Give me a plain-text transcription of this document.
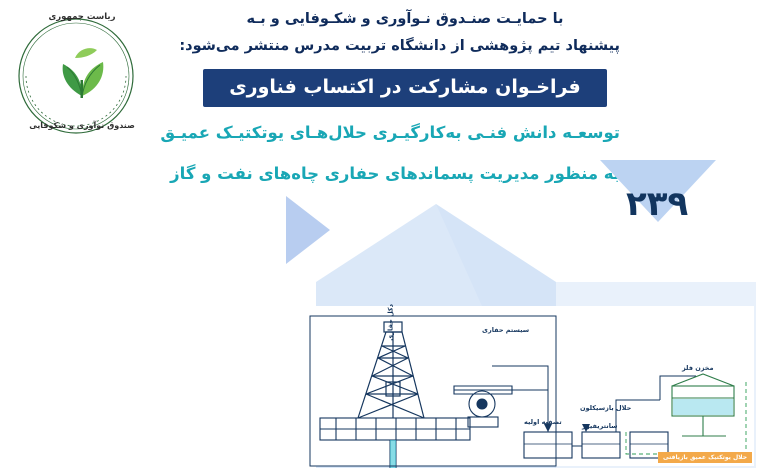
ریاست جمهوری
صندوق نوآوری و شکوفایی
با حمایـت صنـدوق نـوآوری و شکـوفایی و بـه
پیشنهاد تیم پژوهشی از دانشگاه تربیت مدرس منتشر می‌شود:
فراخـوان مشارکت در اکتساب فناوری
توسعـه دانش فنـی به‌کارگیـری حلال‌هـای یوتکتیـک عمیـق
به منظور مدیریت پسماندهای حفاری چاه‌های نفت و گاز
۲۳۹
دکل حفاری	سیستم حفاری
تصفیه اولیه
حلال بازسیکلون
سانتریفیوژ
مخزن فلز
حلال یوتکتیک عمیق بازیافتی
